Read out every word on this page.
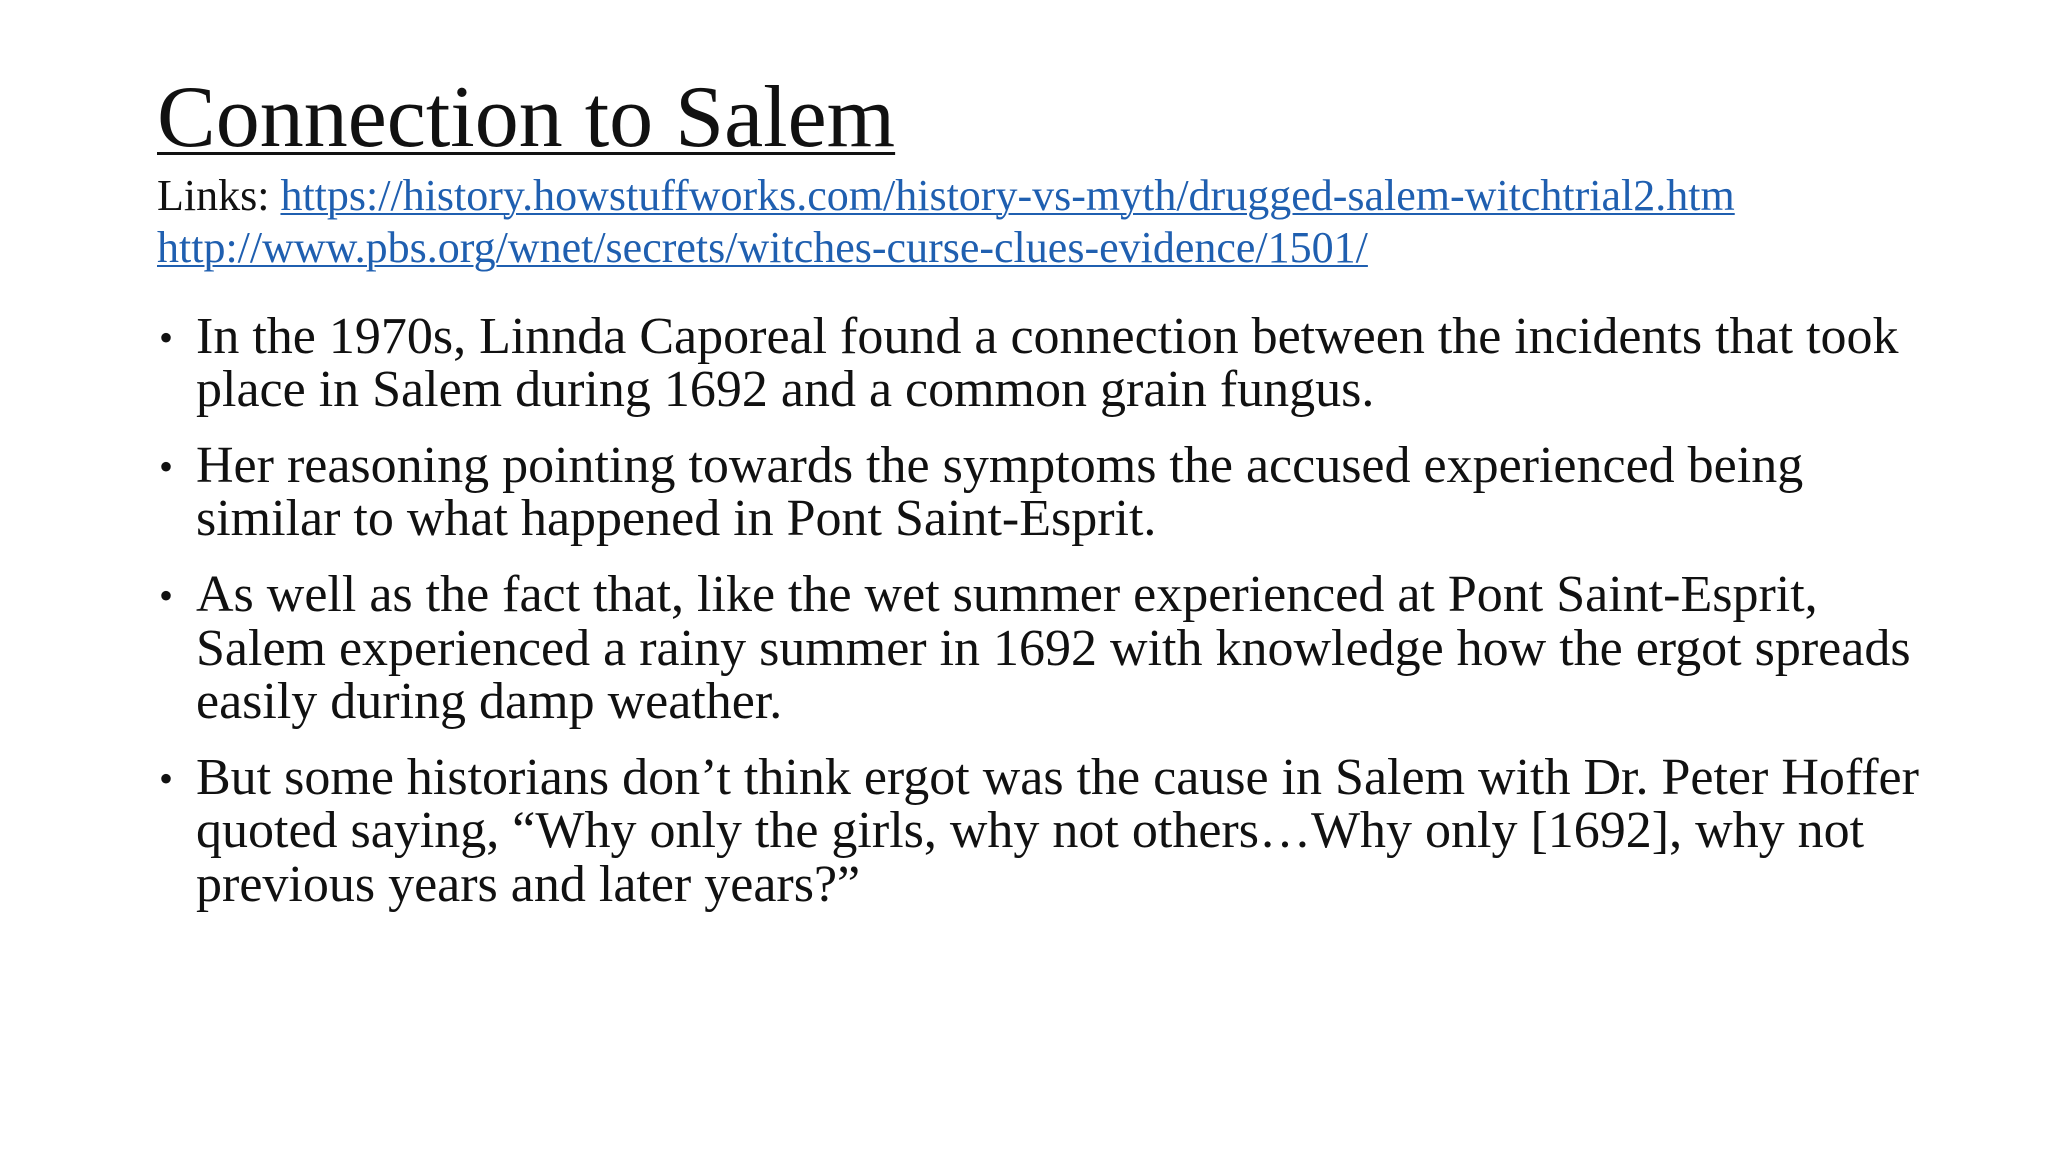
Connection to Salem
Links: https://history.howstuffworks.com/history-vs-myth/drugged-salem-witchtrial2.htm
http://www.pbs.org/wnet/secrets/witches-curse-clues-evidence/1501/
• In the 1970s, Linnda Caporeal found a connection between the incidents that took place in Salem during 1692 and a common grain fungus.
• Her reasoning pointing towards the symptoms the accused experienced being similar to what happened in Pont Saint-Esprit.
• As well as the fact that, like the wet summer experienced at Pont Saint-Esprit, Salem experienced a rainy summer in 1692 with knowledge how the ergot spreads easily during damp weather.
• But some historians don’t think ergot was the cause in Salem with Dr. Peter Hoffer quoted saying, “Why only the girls, why not others…Why only [1692], why not previous years and later years?”
